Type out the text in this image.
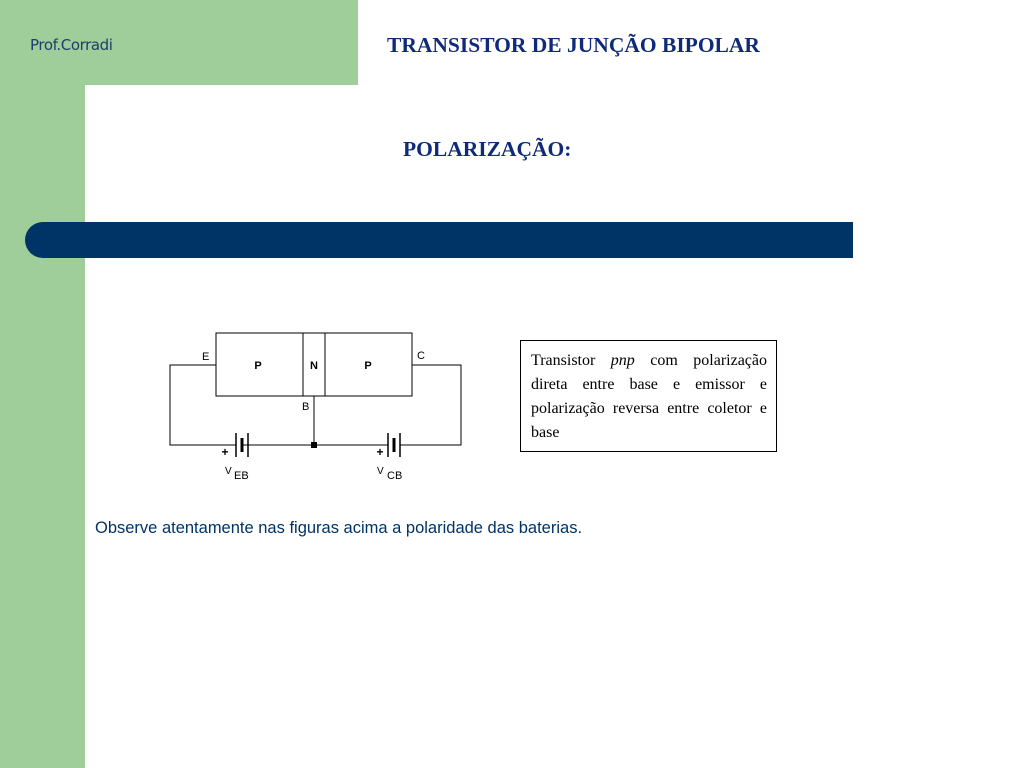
Prof.Corradi	TRANSISTOR DE JUNÇÃO BIPOLAR
POLARIZAÇÃO:
P	N	P
E	C
B
+
V EB
+
V CB
Transistor pnp com polarização direta entre base e emissor e polarização reversa entre coletor e base
Observe atentamente nas figuras acima a polaridade das baterias.
